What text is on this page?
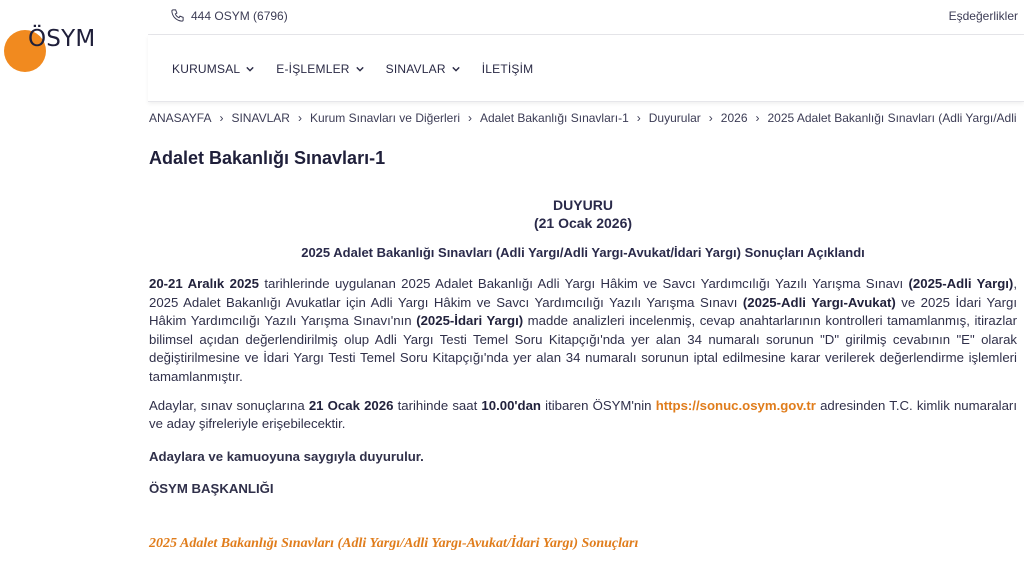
ÖSYM
444 OSYM (6796)	Eşdeğerlikler
KURUMSAL	E-İŞLEMLER	SINAVLAR	İLETİŞİM
ANASAYFA › SINAVLAR › Kurum Sınavları ve Diğerleri › Adalet Bakanlığı Sınavları-1 › Duyurular › 2026 › 2025 Adalet Bakanlığı Sınavları (Adli Yargı/Adli
Adalet Bakanlığı Sınavları-1
DUYURU
(21 Ocak 2026)
2025 Adalet Bakanlığı Sınavları (Adli Yargı/Adli Yargı-Avukat/İdari Yargı) Sonuçları Açıklandı

20-21 Aralık 2025 tarihlerinde uygulanan 2025 Adalet Bakanlığı Adli Yargı Hâkim ve Savcı Yardımcılığı Yazılı Yarışma Sınavı (2025-Adli Yargı), 2025 Adalet Bakanlığı Avukatlar için Adli Yargı Hâkim ve Savcı Yardımcılığı Yazılı Yarışma Sınavı (2025-Adli Yargı-Avukat) ve 2025 İdari Yargı Hâkim Yardımcılığı Yazılı Yarışma Sınavı'nın (2025-İdari Yargı) madde analizleri incelenmiş, cevap anahtarlarının kontrolleri tamamlanmış, itirazlar bilimsel açıdan değerlendirilmiş olup Adli Yargı Testi Temel Soru Kitapçığı'nda yer alan 34 numaralı sorunun "D" girilmiş cevabının "E" olarak değiştirilmesine ve İdari Yargı Testi Temel Soru Kitapçığı'nda yer alan 34 numaralı sorunun iptal edilmesine karar verilerek değerlendirme işlemleri tamamlanmıştır.

Adaylar, sınav sonuçlarına 21 Ocak 2026 tarihinde saat 10.00'dan itibaren ÖSYM'nin https://sonuc.osym.gov.tr adresinden T.C. kimlik numaraları ve aday şifreleriyle erişebilecektir.

Adaylara ve kamuoyuna saygıyla duyurulur.

ÖSYM BAŞKANLIĞI

2025 Adalet Bakanlığı Sınavları (Adli Yargı/Adli Yargı-Avukat/İdari Yargı) Sonuçları
